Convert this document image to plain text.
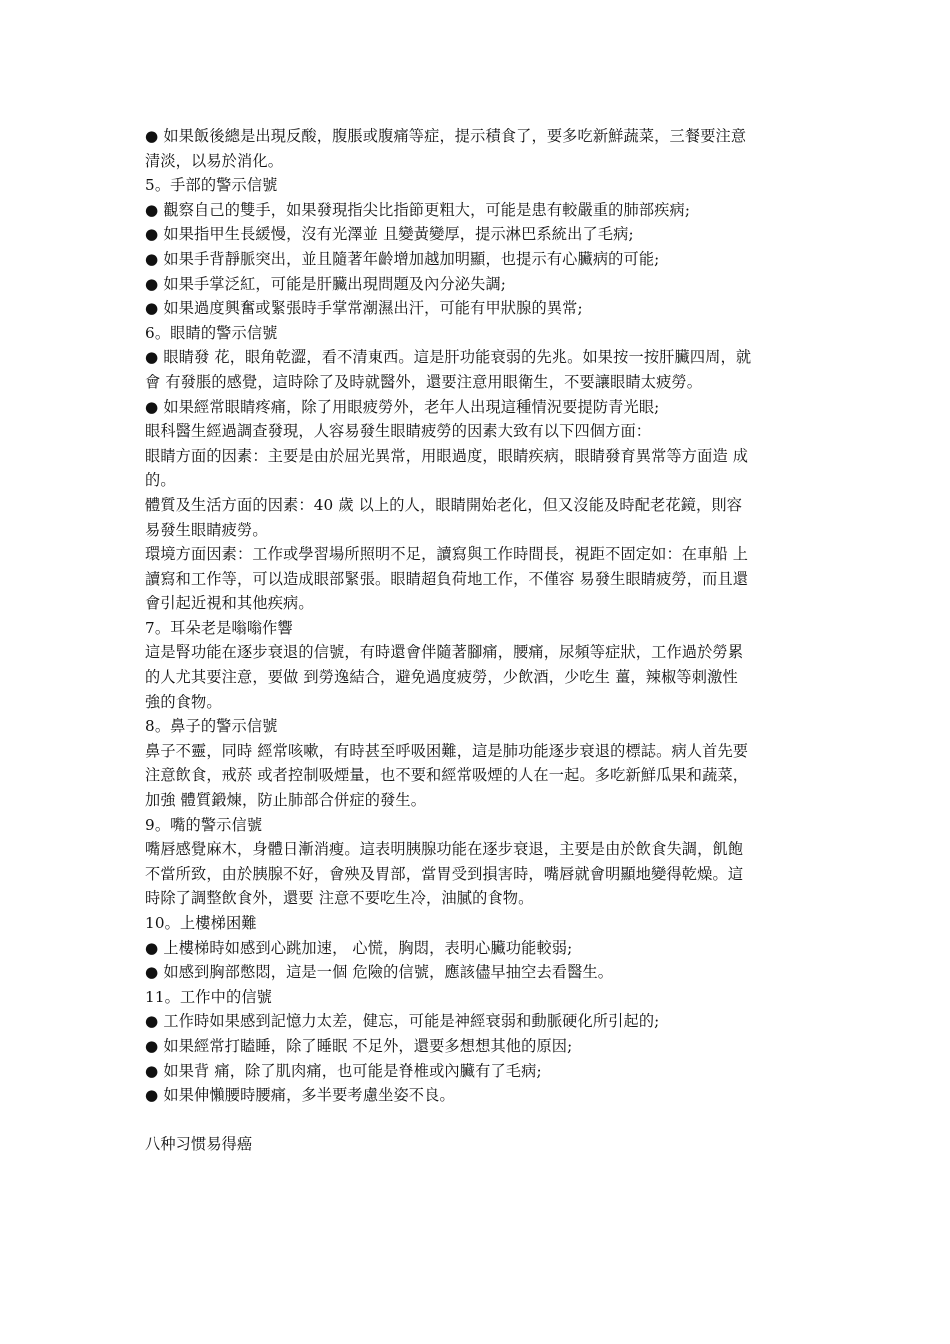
● 如果飯後總是出現反酸，腹脹或腹痛等症，提示積食了，要多吃新鮮蔬菜，三餐要注意
清淡，以易於消化。
5。手部的警示信號
● 觀察自己的雙手，如果發現指尖比指節更粗大，可能是患有較嚴重的肺部疾病;
● 如果指甲生長緩慢，沒有光澤並 且變黃變厚，提示淋巴系統出了毛病;
● 如果手背靜脈突出，並且隨著年齡增加越加明顯，也提示有心臟病的可能;
● 如果手掌泛紅，可能是肝臟出現問題及內分泌失調;
● 如果過度興奮或緊張時手掌常潮濕出汗，可能有甲狀腺的異常;
6。眼睛的警示信號
● 眼睛發 花，眼角乾澀，看不清東西。這是肝功能衰弱的先兆。如果按一按肝臟四周，就
會 有發脹的感覺，這時除了及時就醫外，還要注意用眼衛生，不要讓眼睛太疲勞。
● 如果經常眼睛疼痛，除了用眼疲勞外，老年人出現這種情況要提防青光眼;
眼科醫生經過調查發現，人容易發生眼睛疲勞的因素大致有以下四個方面：
眼睛方面的因素：主要是由於屈光異常，用眼過度，眼睛疾病，眼睛發育異常等方面造 成
的。
體質及生活方面的因素：40 歲 以上的人，眼睛開始老化，但又沒能及時配老花鏡，則容
易發生眼睛疲勞。
環境方面因素：工作或學習場所照明不足，讀寫與工作時間長，視距不固定如：在車船 上
讀寫和工作等，可以造成眼部緊張。眼睛超負荷地工作，不僅容 易發生眼睛疲勞，而且還
會引起近視和其他疾病。
7。耳朵老是嗡嗡作響
這是腎功能在逐步衰退的信號，有時還會伴隨著腳痛，腰痛，尿頻等症狀，工作過於勞累
的人尤其要注意，要做 到勞逸結合，避免過度疲勞，少飲酒，少吃生 薑，辣椒等刺激性
強的食物。
8。鼻子的警示信號
鼻子不靈，同時 經常咳嗽，有時甚至呼吸困難，這是肺功能逐步衰退的標誌。病人首先要
注意飲食，戒菸 或者控制吸煙量，也不要和經常吸煙的人在一起。多吃新鮮瓜果和蔬菜，
加強 體質鍛煉，防止肺部合併症的發生。
9。嘴的警示信號
嘴唇感覺麻木，身體日漸消瘦。這表明胰腺功能在逐步衰退，主要是由於飲食失調，飢飽
不當所致，由於胰腺不好，會殃及胃部，當胃受到損害時，嘴唇就會明顯地變得乾燥。這
時除了調整飲食外，還要 注意不要吃生冷，油膩的食物。
10。上樓梯困難
● 上樓梯時如感到心跳加速， 心慌，胸悶，表明心臟功能較弱;
● 如感到胸部憋悶，這是一個 危險的信號，應該儘早抽空去看醫生。
11。工作中的信號
● 工作時如果感到記憶力太差，健忘，可能是神經衰弱和動脈硬化所引起的;
● 如果經常打瞌睡，除了睡眠 不足外，還要多想想其他的原因;
● 如果背 痛，除了肌肉痛，也可能是脊椎或內臟有了毛病;
● 如果伸懶腰時腰痛，多半要考慮坐姿不良。
八种习惯易得癌
